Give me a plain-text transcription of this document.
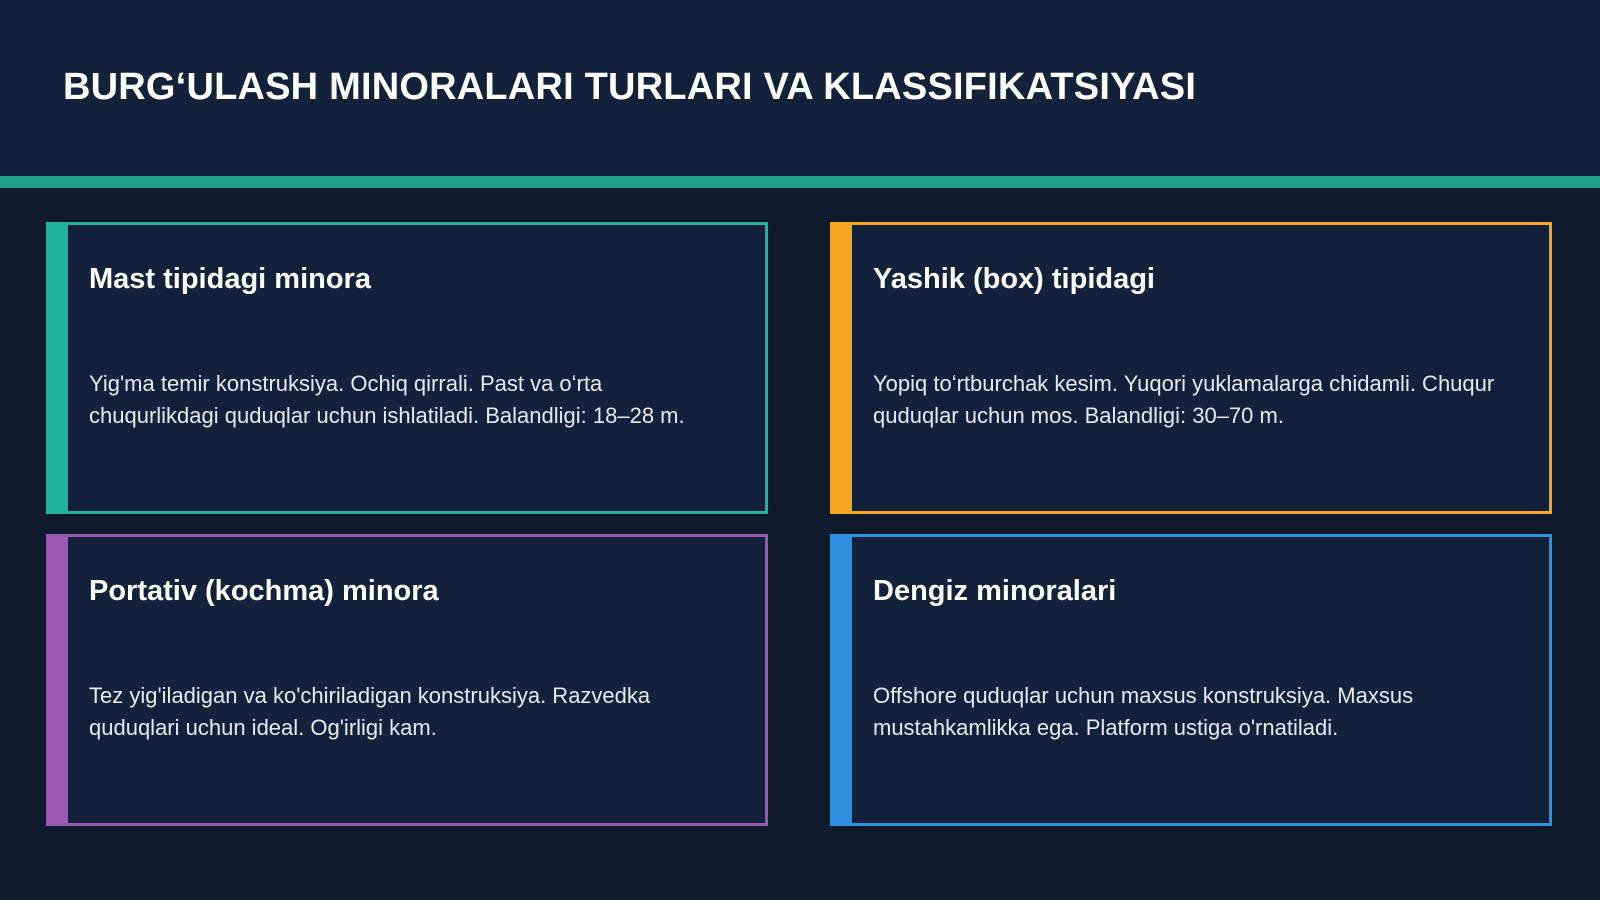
BURGʻULASH MINORALARI TURLARI VA KLASSIFIKATSIYASI
Mast tipidagi minora

Yig'ma temir konstruksiya. Ochiq qirrali. Past va oʻrta chuqurlikdagi quduqlar uchun ishlatiladi. Balandligi: 18–28 m.

Yashik (box) tipidagi

Yopiq toʻrtburchak kesim. Yuqori yuklamalarga chidamli. Chuqur quduqlar uchun mos. Balandligi: 30–70 m.

Portativ (kochma) minora

Tez yig'iladigan va ko'chiriladigan konstruksiya. Razvedka quduqlari uchun ideal. Og'irligi kam.

Dengiz minoralari

Offshore quduqlar uchun maxsus konstruksiya. Maxsus mustahkamlikka ega. Platform ustiga o'rnatiladi.
